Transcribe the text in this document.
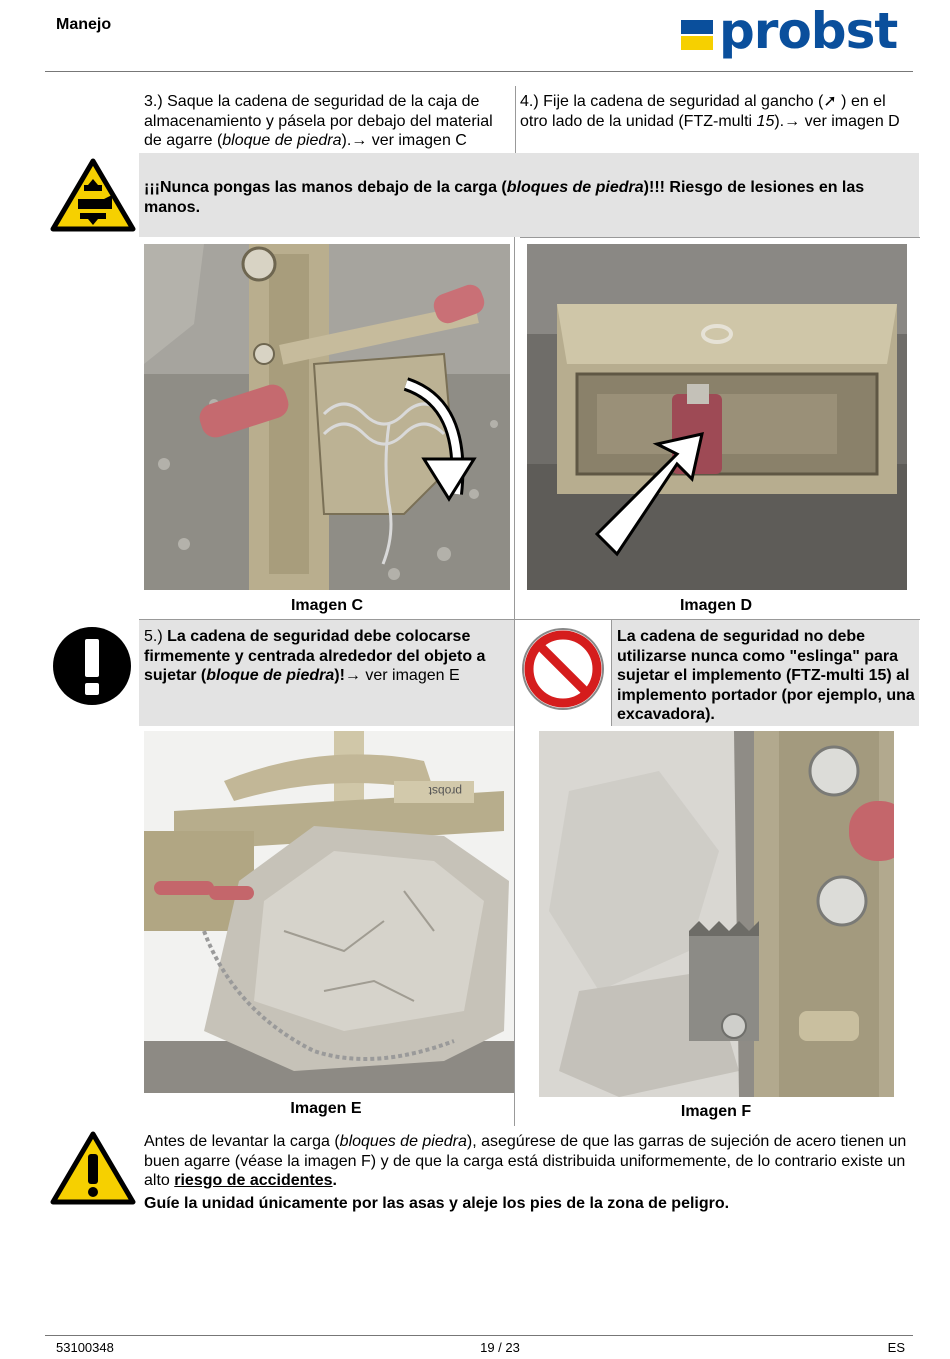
Manejo	probst
3.) Saque la cadena de seguridad de la caja de almacenamiento y pásela por debajo del material de agarre (bloque de piedra).→ ver imagen C
4.) Fije la cadena de seguridad al gancho (➚ ) en el otro lado de la unidad (FTZ-multi 15).→ ver imagen D
¡¡¡Nunca pongas las manos debajo de la carga (bloques de piedra)!!! Riesgo de lesiones en las manos.
Imagen C	Imagen D
5.) La cadena de seguridad debe colocarse firmemente y centrada alrededor del objeto a sujetar (bloque de piedra)!→ ver imagen E
La cadena de seguridad no debe utilizarse nunca como "eslinga" para sujetar el implemento (FTZ-multi 15) al implemento portador (por ejemplo, una excavadora).
probst
Imagen E	Imagen F
Antes de levantar la carga (bloques de piedra), asegúrese de que las garras de sujeción de acero tienen un buen agarre (véase la imagen F) y de que la carga está distribuida uniformemente, de lo contrario existe un alto riesgo de accidentes.
Guíe la unidad únicamente por las asas y aleje los pies de la zona de peligro.
53100348	19 / 23	ES
